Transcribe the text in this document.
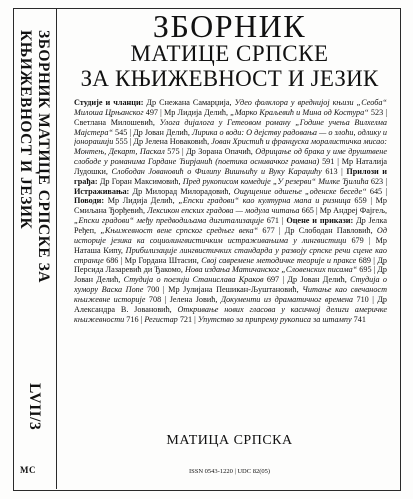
ЗБОРНИК МАТИЦЕ СРПСКЕ ЗА КЊИЖЕВНОСТ И ЈЕЗИК
LVII/3
МС
ЗБОРНИК
МАТИЦЕ СРПСКЕ
ЗА КЊИЖЕВНОСТ И ЈЕЗИК
Студије и чланци: Др Снежана Самарџија, Удео фолклора у вреднијој књизи „Сеоба“ Милоша Црњанског 497 | Мр Лидија Делић, „Марко Краљевић и Мина од Костура“ 523 | Светлана Милошевић, Улога дијалога у Гетеовом роману „Године учења Вилхелма Мајстера“ 545 | Др Јован Делић, Лирика о води: О дејству радовања — о злоћи, одлику и јонорашији 555 | Др Јелена Новаковић, Јован Христић и француска моралистичка мисао: Монтењ, Декарт, Паскал 575 | Др Зорана Опачић, Одрицање од брака у име друштвене слободе у романима Гордане Ћирјанић (поетика оснивачког романа) 591 | Мр Наталија Лудошки, Слободан Јовановић о Филипу Вишњићу и Вуку Караџићу 613 | Прилози и грађа: Др Горан Максимовић, Пред рукописом комедије „У резерви“ Милке Ђилића 623 | Истраживања: Др Милорад Милорадовић, Ощущение одшење „оденске беседе“ 645 | Поводи: Мр Лидија Делић, „Епски градови“ као културна мапа и ризница 659 | Мр Смиљана Ђорђевић, Лексикон епских градова — модула читања 665 | Мр Андреј Фајгељ, „Епски градови“ међу предводиљама дигитализације 671 | Оцене и прикази: Др Јелка Ређеп, „Књижевност вене српског средњег века“ 677 | Др Слободан Павловић, Од историје језика ка социолингвистичким истраживањима у лингвистици 679 | Мр Наташа Кипу, Прибилизације лингвистичких стандарда у развоју српске речи сцене као странце 686 | Мр Гордана Штасин, Свој савремене методичке теорије и праксе 689 | Др Персида Лазаревић ди Ђакомо, Нова издања Матичанског „Словенских писама“ 695 | Др Јован Делић, Студија о поезији Станислава Краков 697 | Др Јован Делић, Студија о хумору Васка Попе 700 | Мр Јулијана Пешикан-Љуштановић, Читање као свечаност књижевне историје 708 | Јелена Јовић, Документи из драматичног времена 710 | Др Александра В. Јовановић, Откривање нових гласова у касичној делиги америчке књижевности 716 | Регистар 721 | Упутство за припрему рукописа за штампу 741
МАТИЦА СРПСКА
ISSN 0543-1220 | UDC 82(05)
